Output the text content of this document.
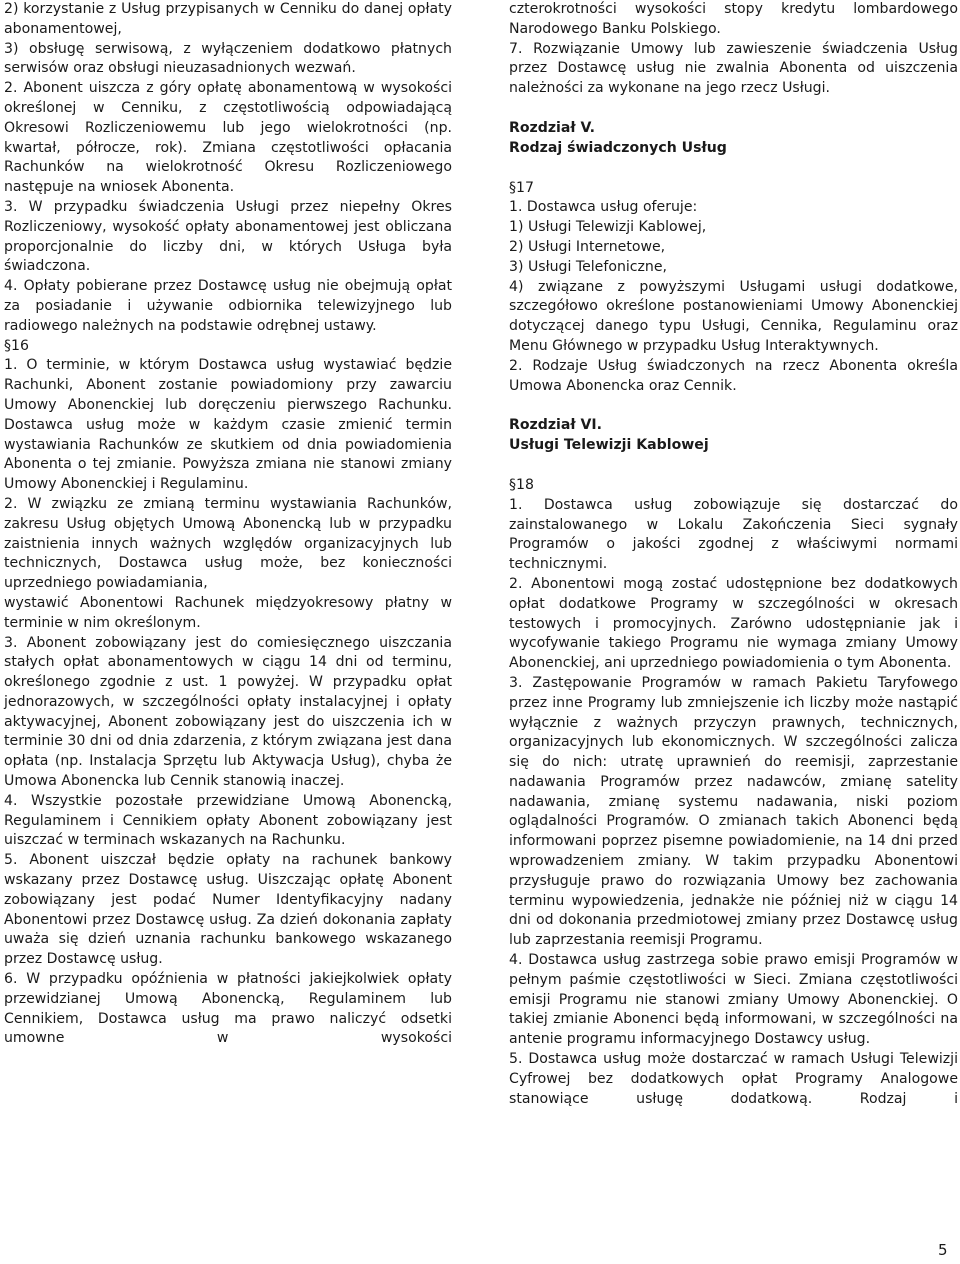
2) korzystanie z Usług przypisanych w Cenniku do danej opłaty abonamentowej,

3) obsługę serwisową, z wyłączeniem dodatkowo płatnych serwisów oraz obsługi nieuzasadnionych wezwań.

2. Abonent uiszcza z góry opłatę abonamentową w wysokości określonej w Cenniku, z częstotliwością odpowiadającą Okresowi Rozliczeniowemu lub jego wielokrotności (np. kwartał, półrocze, rok). Zmiana częstotliwości opłacania Rachunków na wielokrotność Okresu Rozliczeniowego następuje na wniosek Abonenta.

3. W przypadku świadczenia Usługi przez niepełny Okres Rozliczeniowy, wysokość opłaty abonamentowej jest obliczana proporcjonalnie do liczby dni, w których Usługa była świadczona.

4. Opłaty pobierane przez Dostawcę usług nie obejmują opłat za posiadanie i używanie odbiornika telewizyjnego lub radiowego należnych na podstawie odrębnej ustawy.

§16

1. O terminie, w którym Dostawca usług wystawiać będzie Rachunki, Abonent zostanie powiadomiony przy zawarciu Umowy Abonenckiej lub doręczeniu pierwszego Rachunku. Dostawca usług może w każdym czasie zmienić termin wystawiania Rachunków ze skutkiem od dnia powiadomienia Abonenta o tej zmianie. Powyższa zmiana nie stanowi zmiany Umowy Abonenckiej i Regulaminu.

2. W związku ze zmianą terminu wystawiania Rachunków, zakresu Usług objętych Umową Abonencką lub w przypadku zaistnienia innych ważnych względów organizacyjnych lub technicznych, Dostawca usług może, bez konieczności uprzedniego powiadamiania,

wystawić Abonentowi Rachunek międzyokresowy płatny w terminie w nim określonym.

3. Abonent zobowiązany jest do comiesięcznego uiszczania stałych opłat abonamentowych w ciągu 14 dni od terminu, określonego zgodnie z ust. 1 powyżej. W przypadku opłat jednorazowych, w szczególności opłaty instalacyjnej i opłaty aktywacyjnej, Abonent zobowiązany jest do uiszczenia ich w terminie 30 dni od dnia zdarzenia, z którym związana jest dana opłata (np. Instalacja Sprzętu lub Aktywacja Usług), chyba że Umowa Abonencka lub Cennik stanowią inaczej.

4. Wszystkie pozostałe przewidziane Umową Abonencką, Regulaminem i Cennikiem opłaty Abonent zobowiązany jest uiszczać w terminach wskazanych na Rachunku.

5. Abonent uiszczał będzie opłaty na rachunek bankowy wskazany przez Dostawcę usług. Uiszczając opłatę Abonent zobowiązany jest podać Numer Identyfikacyjny nadany Abonentowi przez Dostawcę usług. Za dzień dokonania zapłaty uważa się dzień uznania rachunku bankowego wskazanego przez Dostawcę usług.

6. W przypadku opóźnienia w płatności jakiejkolwiek opłaty przewidzianej Umową Abonencką, Regulaminem lub Cennikiem, Dostawca usług ma prawo naliczyć odsetki umowne w wysokości

czterokrotności wysokości stopy kredytu lombardowego Narodowego Banku Polskiego.

7. Rozwiązanie Umowy lub zawieszenie świadczenia Usług przez Dostawcę usług nie zwalnia Abonenta od uiszczenia należności za wykonane na jego rzecz Usługi.

Rozdział V.

Rodzaj świadczonych Usług

§17

1. Dostawca usług oferuje:

1) Usługi Telewizji Kablowej,

2) Usługi Internetowe,

3) Usługi Telefoniczne,

4) związane z powyższymi Usługami usługi dodatkowe, szczegółowo określone postanowieniami Umowy Abonenckiej dotyczącej danego typu Usługi, Cennika, Regulaminu oraz Menu Głównego w przypadku Usług Interaktywnych.

2. Rodzaje Usług świadczonych na rzecz Abonenta określa Umowa Abonencka oraz Cennik.

Rozdział VI.

Usługi Telewizji Kablowej

§18

1. Dostawca usług zobowiązuje się dostarczać do zainstalowanego w Lokalu Zakończenia Sieci sygnały Programów o jakości zgodnej z właściwymi normami technicznymi.

2. Abonentowi mogą zostać udostępnione bez dodatkowych opłat dodatkowe Programy w szczególności w okresach testowych i promocyjnych. Zarówno udostępnianie jak i wycofywanie takiego Programu nie wymaga zmiany Umowy Abonenckiej, ani uprzedniego powiadomienia o tym Abonenta.

3. Zastępowanie Programów w ramach Pakietu Taryfowego przez inne Programy lub zmniejszenie ich liczby może nastąpić wyłącznie z ważnych przyczyn prawnych, technicznych, organizacyjnych lub ekonomicznych. W szczególności zalicza się do nich: utratę uprawnień do reemisji, zaprzestanie nadawania Programów przez nadawców, zmianę satelity nadawania, zmianę systemu nadawania, niski poziom oglądalności Programów. O zmianach takich Abonenci będą informowani poprzez pisemne powiadomienie, na 14 dni przed wprowadzeniem zmiany. W takim przypadku Abonentowi przysługuje prawo do rozwiązania Umowy bez zachowania terminu wypowiedzenia, jednakże nie później niż w ciągu 14 dni od dokonania przedmiotowej zmiany przez Dostawcę usług lub zaprzestania reemisji Programu.

4. Dostawca usług zastrzega sobie prawo emisji Programów w pełnym paśmie częstotliwości w Sieci. Zmiana częstotliwości emisji Programu nie stanowi zmiany Umowy Abonenckiej. O takiej zmianie Abonenci będą informowani, w szczególności na antenie programu informacyjnego Dostawcy usług.

5. Dostawca usług może dostarczać w ramach Usługi Telewizji Cyfrowej bez dodatkowych opłat Programy Analogowe stanowiące usługę dodatkową. Rodzaj i

5
